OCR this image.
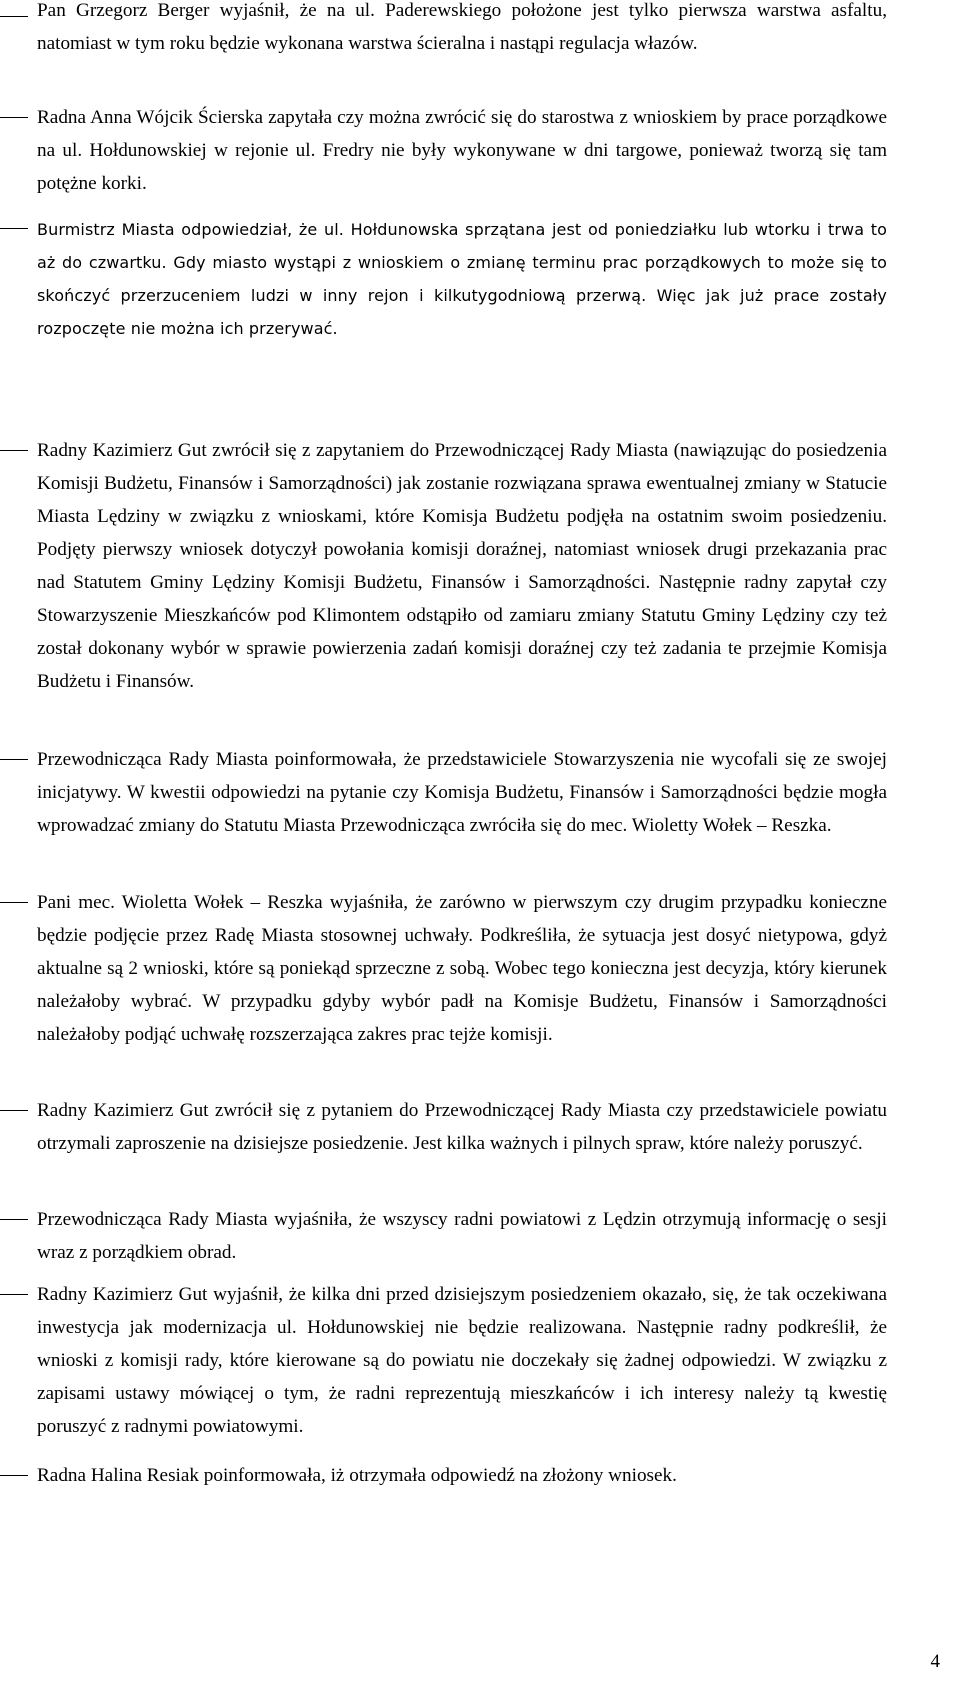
Pan Grzegorz Berger wyjaśnił, że na ul. Paderewskiego położone jest tylko pierwsza warstwa asfaltu, natomiast w tym roku będzie wykonana warstwa ścieralna i nastąpi regulacja włazów.

Radna Anna Wójcik Ścierska zapytała czy można zwrócić się do starostwa z wnioskiem by prace porządkowe na ul. Hołdunowskiej w rejonie ul. Fredry nie były wykonywane w dni targowe, ponieważ tworzą się tam potężne korki.

Burmistrz Miasta odpowiedział, że ul. Hołdunowska sprzątana jest od poniedziałku lub wtorku i trwa to aż do czwartku. Gdy miasto wystąpi z wnioskiem o zmianę terminu prac porządkowych to może się to skończyć przerzuceniem ludzi w inny rejon i kilkutygodniową przerwą. Więc jak już prace zostały rozpoczęte nie można ich przerywać.

Radny Kazimierz Gut zwrócił się z zapytaniem do Przewodniczącej Rady Miasta (nawiązując do posiedzenia Komisji Budżetu, Finansów i Samorządności) jak zostanie rozwiązana sprawa ewentualnej zmiany w Statucie Miasta Lędziny w związku z wnioskami, które Komisja Budżetu podjęła na ostatnim swoim posiedzeniu. Podjęty pierwszy wniosek dotyczył powołania komisji doraźnej, natomiast wniosek drugi przekazania prac nad Statutem Gminy Lędziny Komisji Budżetu, Finansów i Samorządności. Następnie radny zapytał czy Stowarzyszenie Mieszkańców pod Klimontem odstąpiło od zamiaru zmiany Statutu Gminy Lędziny czy też został dokonany wybór w sprawie powierzenia zadań komisji doraźnej czy też zadania te przejmie Komisja Budżetu i Finansów.

Przewodnicząca Rady Miasta poinformowała, że przedstawiciele Stowarzyszenia nie wycofali się ze swojej inicjatywy. W kwestii odpowiedzi na pytanie czy Komisja Budżetu, Finansów i Samorządności będzie mogła wprowadzać zmiany do Statutu Miasta Przewodnicząca zwróciła się do mec. Wioletty Wołek – Reszka.

Pani mec. Wioletta Wołek – Reszka wyjaśniła, że zarówno w pierwszym czy drugim przypadku konieczne będzie podjęcie przez Radę Miasta stosownej uchwały. Podkreśliła, że sytuacja jest dosyć nietypowa, gdyż aktualne są 2 wnioski, które są poniekąd sprzeczne z sobą. Wobec tego konieczna jest decyzja, który kierunek należałoby wybrać. W przypadku gdyby wybór padł na Komisje Budżetu, Finansów i Samorządności należałoby podjąć uchwałę rozszerzająca zakres prac tejże komisji.

Radny Kazimierz Gut zwrócił się z pytaniem do Przewodniczącej Rady Miasta czy przedstawiciele powiatu otrzymali zaproszenie na dzisiejsze posiedzenie. Jest kilka ważnych i pilnych spraw, które należy poruszyć.

Przewodnicząca Rady Miasta wyjaśniła, że wszyscy radni powiatowi z Lędzin otrzymują informację o sesji wraz z porządkiem obrad.

Radny Kazimierz Gut wyjaśnił, że kilka dni przed dzisiejszym posiedzeniem okazało, się, że tak oczekiwana inwestycja jak modernizacja ul. Hołdunowskiej nie będzie realizowana. Następnie radny podkreślił, że wnioski z komisji rady, które kierowane są do powiatu nie doczekały się żadnej odpowiedzi. W związku z zapisami ustawy mówiącej o tym, że radni reprezentują mieszkańców i ich interesy należy tą kwestię poruszyć z radnymi powiatowymi.

Radna Halina Resiak poinformowała, iż otrzymała odpowiedź na złożony wniosek.

4
